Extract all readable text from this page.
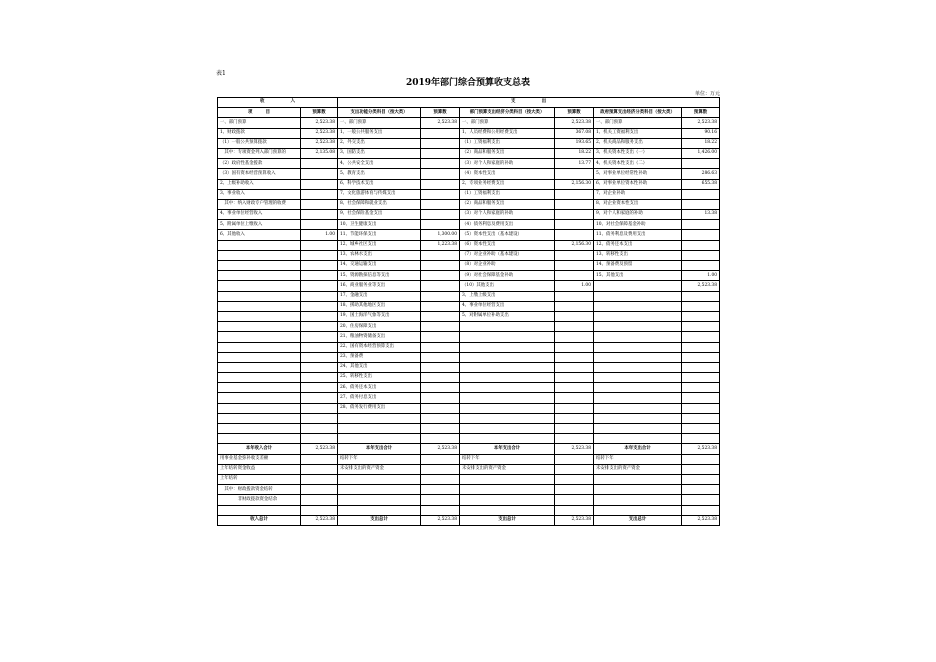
表1
2019年部门综合预算收支总表
单位：万元
收　　　　　　入		支　　　　　　出					
项　　　目	预算数	支出功能分类科目（按大类）	预算数	部门预算支出经济分类科目（按大类）	预算数	政府预算支出经济分类科目（按大类）	预算数
一、部门预算	2,523.38	一、部门预算	2,523.38	一、部门预算	2,523.38	一、部门预算	2,523.38
1、财政拨款	2,523.38	1、一般公共服务支出		1、人员经费和公用经费支出	367.08	1、机关工资福利支出	90.16
（1）一般公共预算拨款	2,523.38	2、外交支出		（1）工资福利支出	193.65	2、机关商品和服务支出	18.22
　其中：专项资金列入部门预算的	2,135.08	3、国防支出		（2）商品和服务支出	18.22	3、机关资本性支出（一）	1,426.00
（2）政府性基金拨款		4、公共安全支出		（3）对个人和家庭的补助	13.77	4、机关资本性支出（二）	
（3）国有资本经营预算收入		5、教育支出		（4）资本性支出		5、对事业单位经常性补助	286.63
2、上级补助收入		6、科学技术支出		2、专项业务经费支出	2,156.30	6、对事业单位资本性补助	655.38
3、事业收入		7、文化旅游体育与传媒支出		（1）工资福利支出		7、对企业补助	
　其中：纳入财政专户管理的收费		8、社会保障和就业支出		（2）商品和服务支出		8、对企业资本性支出	
4、事业单位经营收入		9、社会保险基金支出		（3）对个人和家庭的补助		9、对个人和家庭的补助	13.38
5、附属单位上缴收入		10、卫生健康支出		（4）债务利息及费用支出		10、对社会保障基金补助	
6、其他收入	1.00	11、节能环保支出	1,300.00	（5）资本性支出（基本建设）		11、债务利息及费用支出	
		12、城乡社区支出	1,223.38	（6）资本性支出	2,156.30	12、债务还本支出	
		13、农林水支出		（7）对企业补助（基本建设）		13、转移性支出	
		14、交通运输支出		（8）对企业补助		14、预备费及预留	
		15、资源勘探信息等支出		（9）对社会保障基金补助		15、其他支出	1.00
		16、商业服务业等支出		（10）其他支出	1.00		2,523.38
		17、金融支出		3、上缴上级支出			
		18、援助其他地区支出		4、事业单位经营支出			
		19、国土海洋气象等支出		5、对附属单位补助支出			
		20、住房保障支出					
		21、粮油物资储备支出					
		22、国有资本经营预算支出					
		23、预备费					
		24、其他支出					
		25、转移性支出					
		26、债务还本支出					
		27、债务付息支出					
		28、债务发行费用支出					

本年收入合计	2,523.38	本年支出合计	2,523.38	本年支出合计	2,523.38	本年支出合计	2,523.38
用事业基金弥补收支差额		结转下年		结转下年		结转下年	
上年结转资金收益		未安排支出的资产资金		未安排支出的资产资金		未安排支出的资产资金	
上年结转							
　其中：财政拨款资金结转							
　　　　非财政拨款资金结余							

收入总计	2,523.38	支出总计	2,523.38	支出总计	2,523.38	支出总计	2,523.38
